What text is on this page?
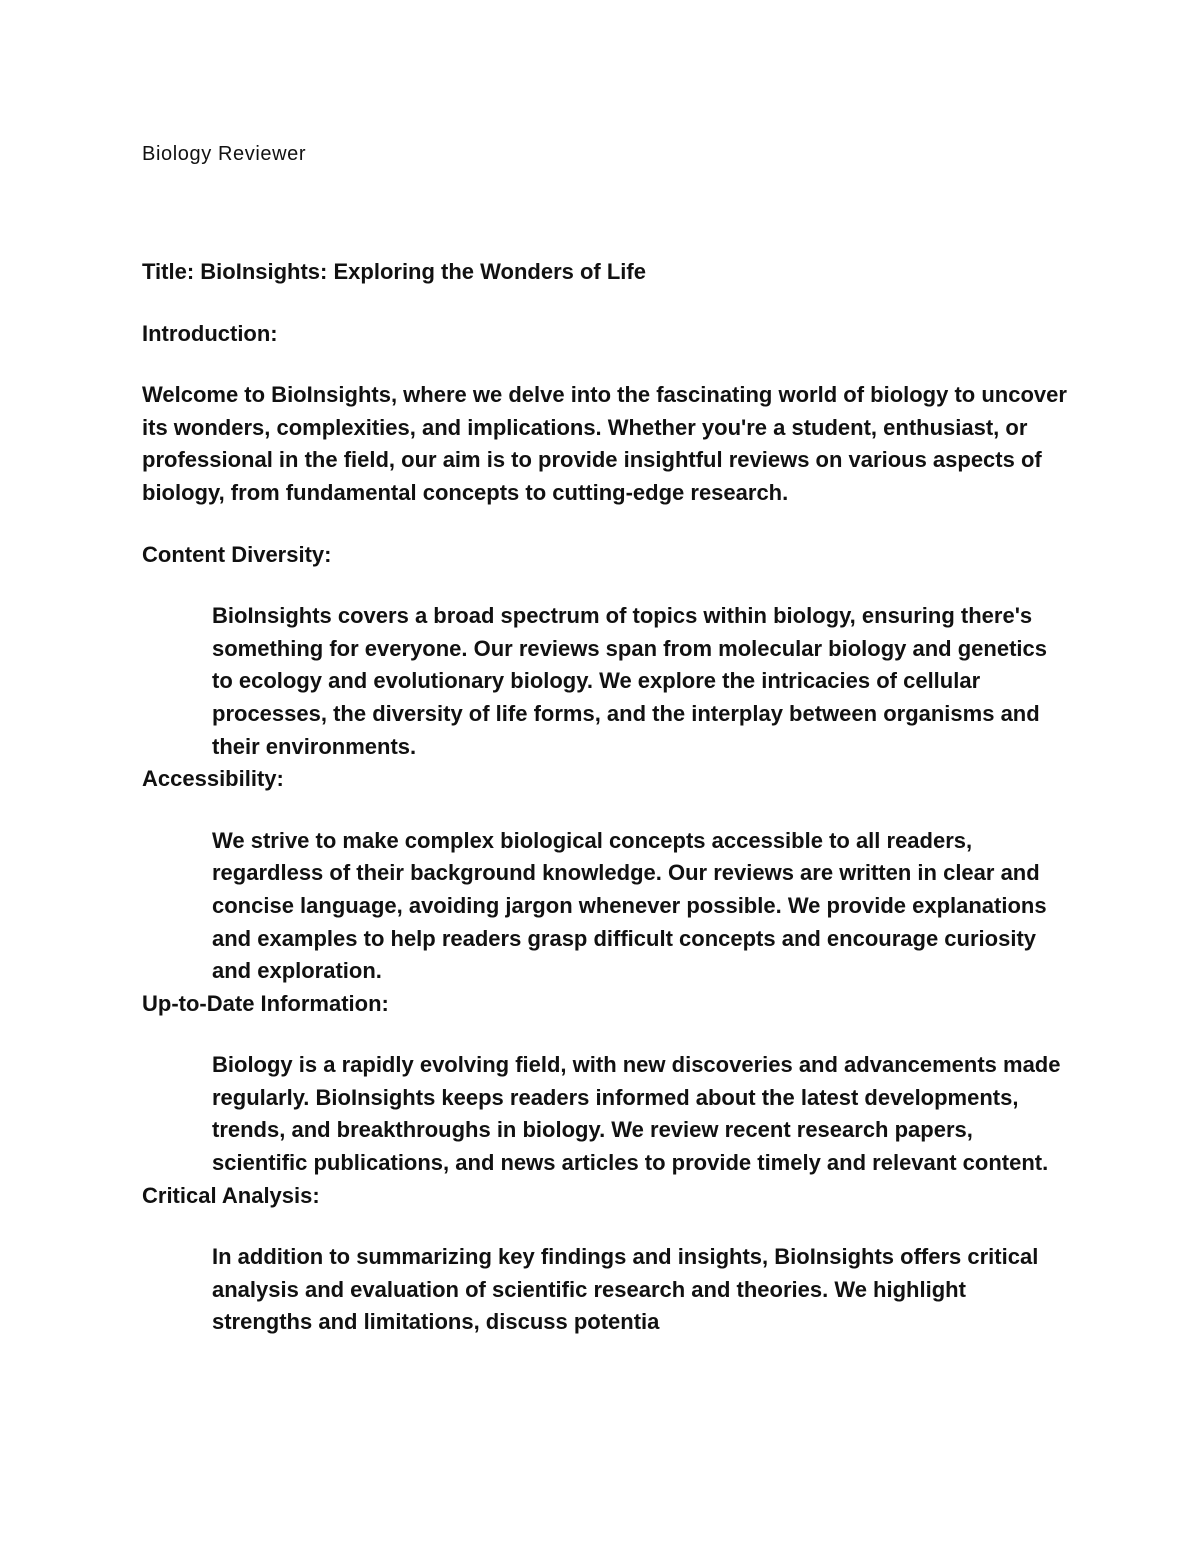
Biology Reviewer

Title: BioInsights: Exploring the Wonders of Life

Introduction:

Welcome to BioInsights, where we delve into the fascinating world of biology to uncover its wonders, complexities, and implications. Whether you're a student, enthusiast, or professional in the field, our aim is to provide insightful reviews on various aspects of biology, from fundamental concepts to cutting-edge research.

Content Diversity:

BioInsights covers a broad spectrum of topics within biology, ensuring there's something for everyone. Our reviews span from molecular biology and genetics to ecology and evolutionary biology. We explore the intricacies of cellular processes, the diversity of life forms, and the interplay between organisms and their environments.

Accessibility:

We strive to make complex biological concepts accessible to all readers, regardless of their background knowledge. Our reviews are written in clear and concise language, avoiding jargon whenever possible. We provide explanations and examples to help readers grasp difficult concepts and encourage curiosity and exploration.

Up-to-Date Information:

Biology is a rapidly evolving field, with new discoveries and advancements made regularly. BioInsights keeps readers informed about the latest developments, trends, and breakthroughs in biology. We review recent research papers, scientific publications, and news articles to provide timely and relevant content.

Critical Analysis:

In addition to summarizing key findings and insights, BioInsights offers critical analysis and evaluation of scientific research and theories. We highlight strengths and limitations, discuss potentia
